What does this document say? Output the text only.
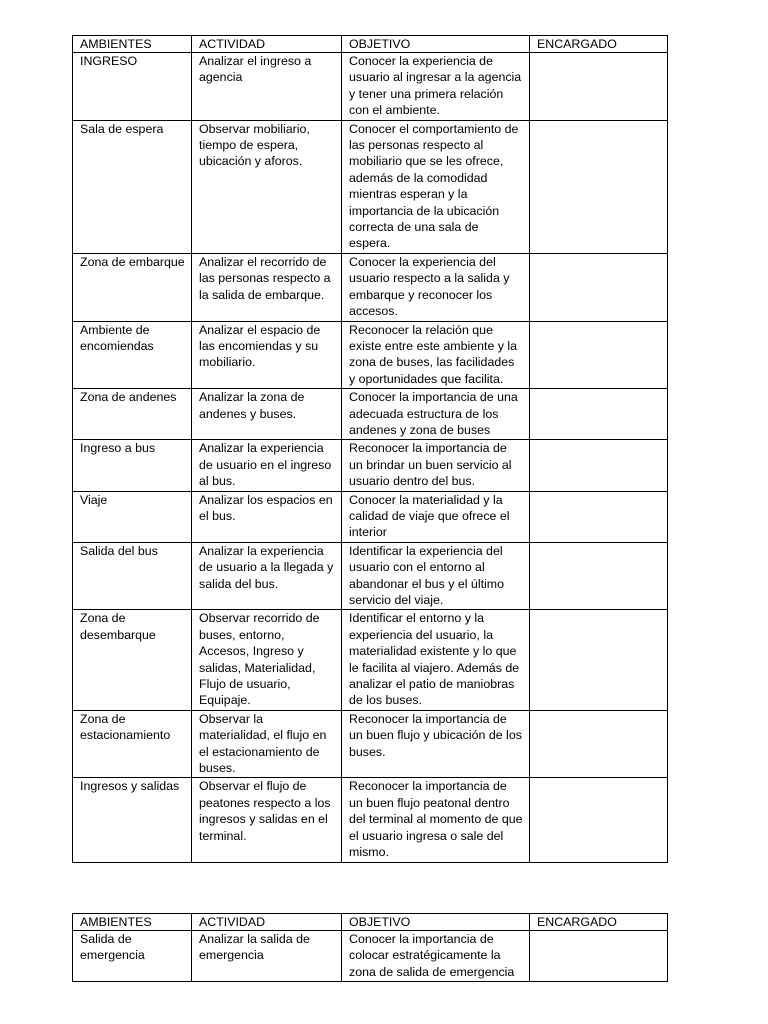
AMBIENTES	ACTIVIDAD	OBJETIVO	ENCARGADO
INGRESO	Analizar el ingreso a agencia	Conocer la experiencia de usuario al ingresar a la agencia y tener una primera relación con el ambiente.	
Sala de espera	Observar mobiliario, tiempo de espera, ubicación y aforos.	Conocer el comportamiento de las personas respecto al mobiliario que se les ofrece, además de la comodidad mientras esperan y la importancia de la ubicación correcta de una sala de espera.	
Zona de embarque	Analizar el recorrido de las personas respecto a la salida de embarque.	Conocer la experiencia del usuario respecto a la salida y embarque y reconocer los accesos.	
Ambiente de encomiendas	Analizar el espacio de las encomiendas y su mobiliario.	Reconocer la relación que existe entre este ambiente y la zona de buses, las facilidades y oportunidades que facilita.	
Zona de andenes	Analizar la zona de andenes y buses.	Conocer la importancia de una adecuada estructura de los andenes y zona de buses	
Ingreso a bus	Analizar la experiencia de usuario en el ingreso al bus.	Reconocer la importancia de un brindar un buen servicio al usuario dentro del bus.	
Viaje	Analizar los espacios en el bus.	Conocer la materialidad y la calidad de viaje que ofrece el interior	
Salida del bus	Analizar la experiencia de usuario a la llegada y salida del bus.	Identificar la experiencia del usuario con el entorno al abandonar el bus y el último servicio del viaje.	
Zona de desembarque	Observar recorrido de buses, entorno, Accesos, Ingreso y salidas, Materialidad, Flujo de usuario, Equipaje.	Identificar el entorno y la experiencia del usuario, la materialidad existente y lo que le facilita al viajero. Además de analizar el patio de maniobras de los buses.	
Zona de estacionamiento	Observar la materialidad, el flujo en el estacionamiento de buses.	Reconocer la importancia de un buen flujo y ubicación de los buses.	
Ingresos y salidas	Observar el flujo de peatones respecto a los ingresos y salidas en el terminal.	Reconocer la importancia de un buen flujo peatonal dentro del terminal al momento de que el usuario ingresa o sale del mismo.	
AMBIENTES	ACTIVIDAD	OBJETIVO	ENCARGADO
Salida de emergencia	Analizar la salida de emergencia	Conocer la importancia de colocar estratégicamente la zona de salida de emergencia	
